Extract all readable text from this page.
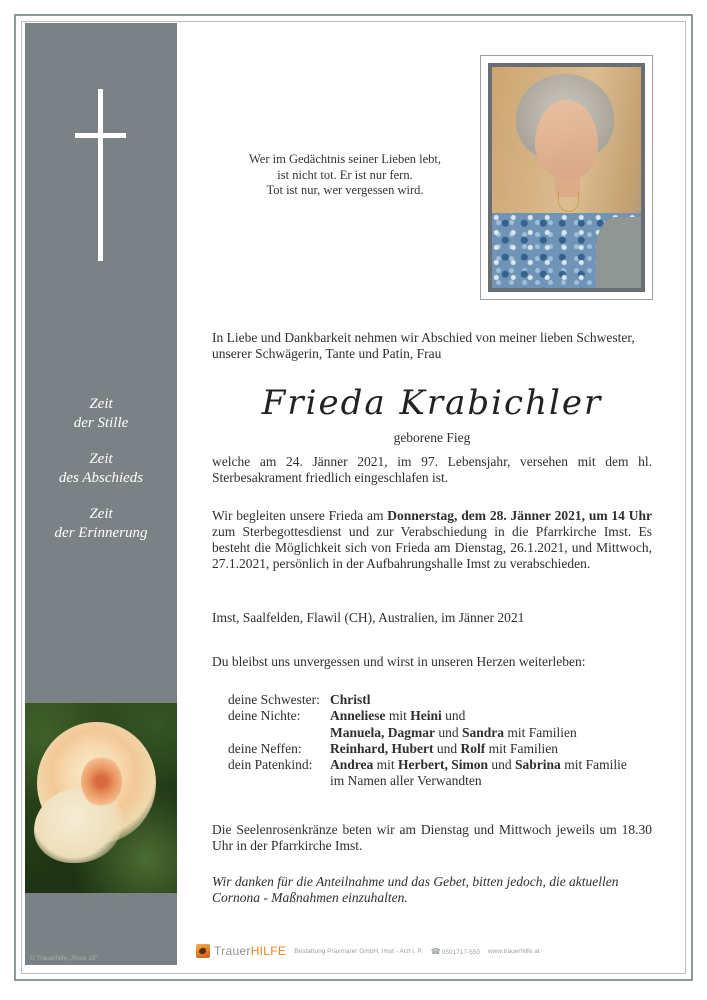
Zeit
der Stille
Zeit
des Abschieds
Zeit
der Erinnerung
© Trauerhilfe „Rose 10“
Wer im Gedächtnis seiner Lieben lebt,
ist nicht tot. Er ist nur fern.
Tot ist nur, wer vergessen wird.
In Liebe und Dankbarkeit nehmen wir Abschied von meiner lieben Schwester, unserer Schwägerin, Tante und Patin, Frau
Frieda Krabichler
geborene Fieg
welche am 24. Jänner 2021, im 97. Lebensjahr, versehen mit dem hl. Sterbesakrament friedlich eingeschlafen ist.
Wir begleiten unsere Frieda am Donnerstag, dem 28. Jänner 2021, um 14 Uhr zum Sterbegottesdienst und zur Verabschiedung in die Pfarrkirche Imst. Es besteht die Möglichkeit sich von Frieda am Dienstag, 26.1.2021, und Mittwoch, 27.1.2021, persönlich in der Aufbahrungshalle Imst zu verabschieden.
Imst, Saalfelden, Flawil (CH), Australien, im Jänner 2021
Du bleibst uns unvergessen und wirst in unseren Herzen weiterleben:
deine Schwester: Christl
deine Nichte:	Anneliese mit Heini und
Manuela, Dagmar und Sandra mit Familien
deine Neffen:	Reinhard, Hubert und Rolf mit Familien
dein Patenkind:	Andrea mit Herbert, Simon und Sabrina mit Familie
im Namen aller Verwandten
Die Seelenrosenkränze beten wir am Dienstag und Mittwoch jeweils um 18.30 Uhr in der Pfarrkirche Imst.
Wir danken für die Anteilnahme und das Gebet, bitten jedoch, die aktuellen Cornona - Maßnahmen einzuhalten.
TrauerHILFE Bestattung Praxmarer GmbH, Imst - Arzl i. P. ☎0501717-550 www.trauerhilfe.at
